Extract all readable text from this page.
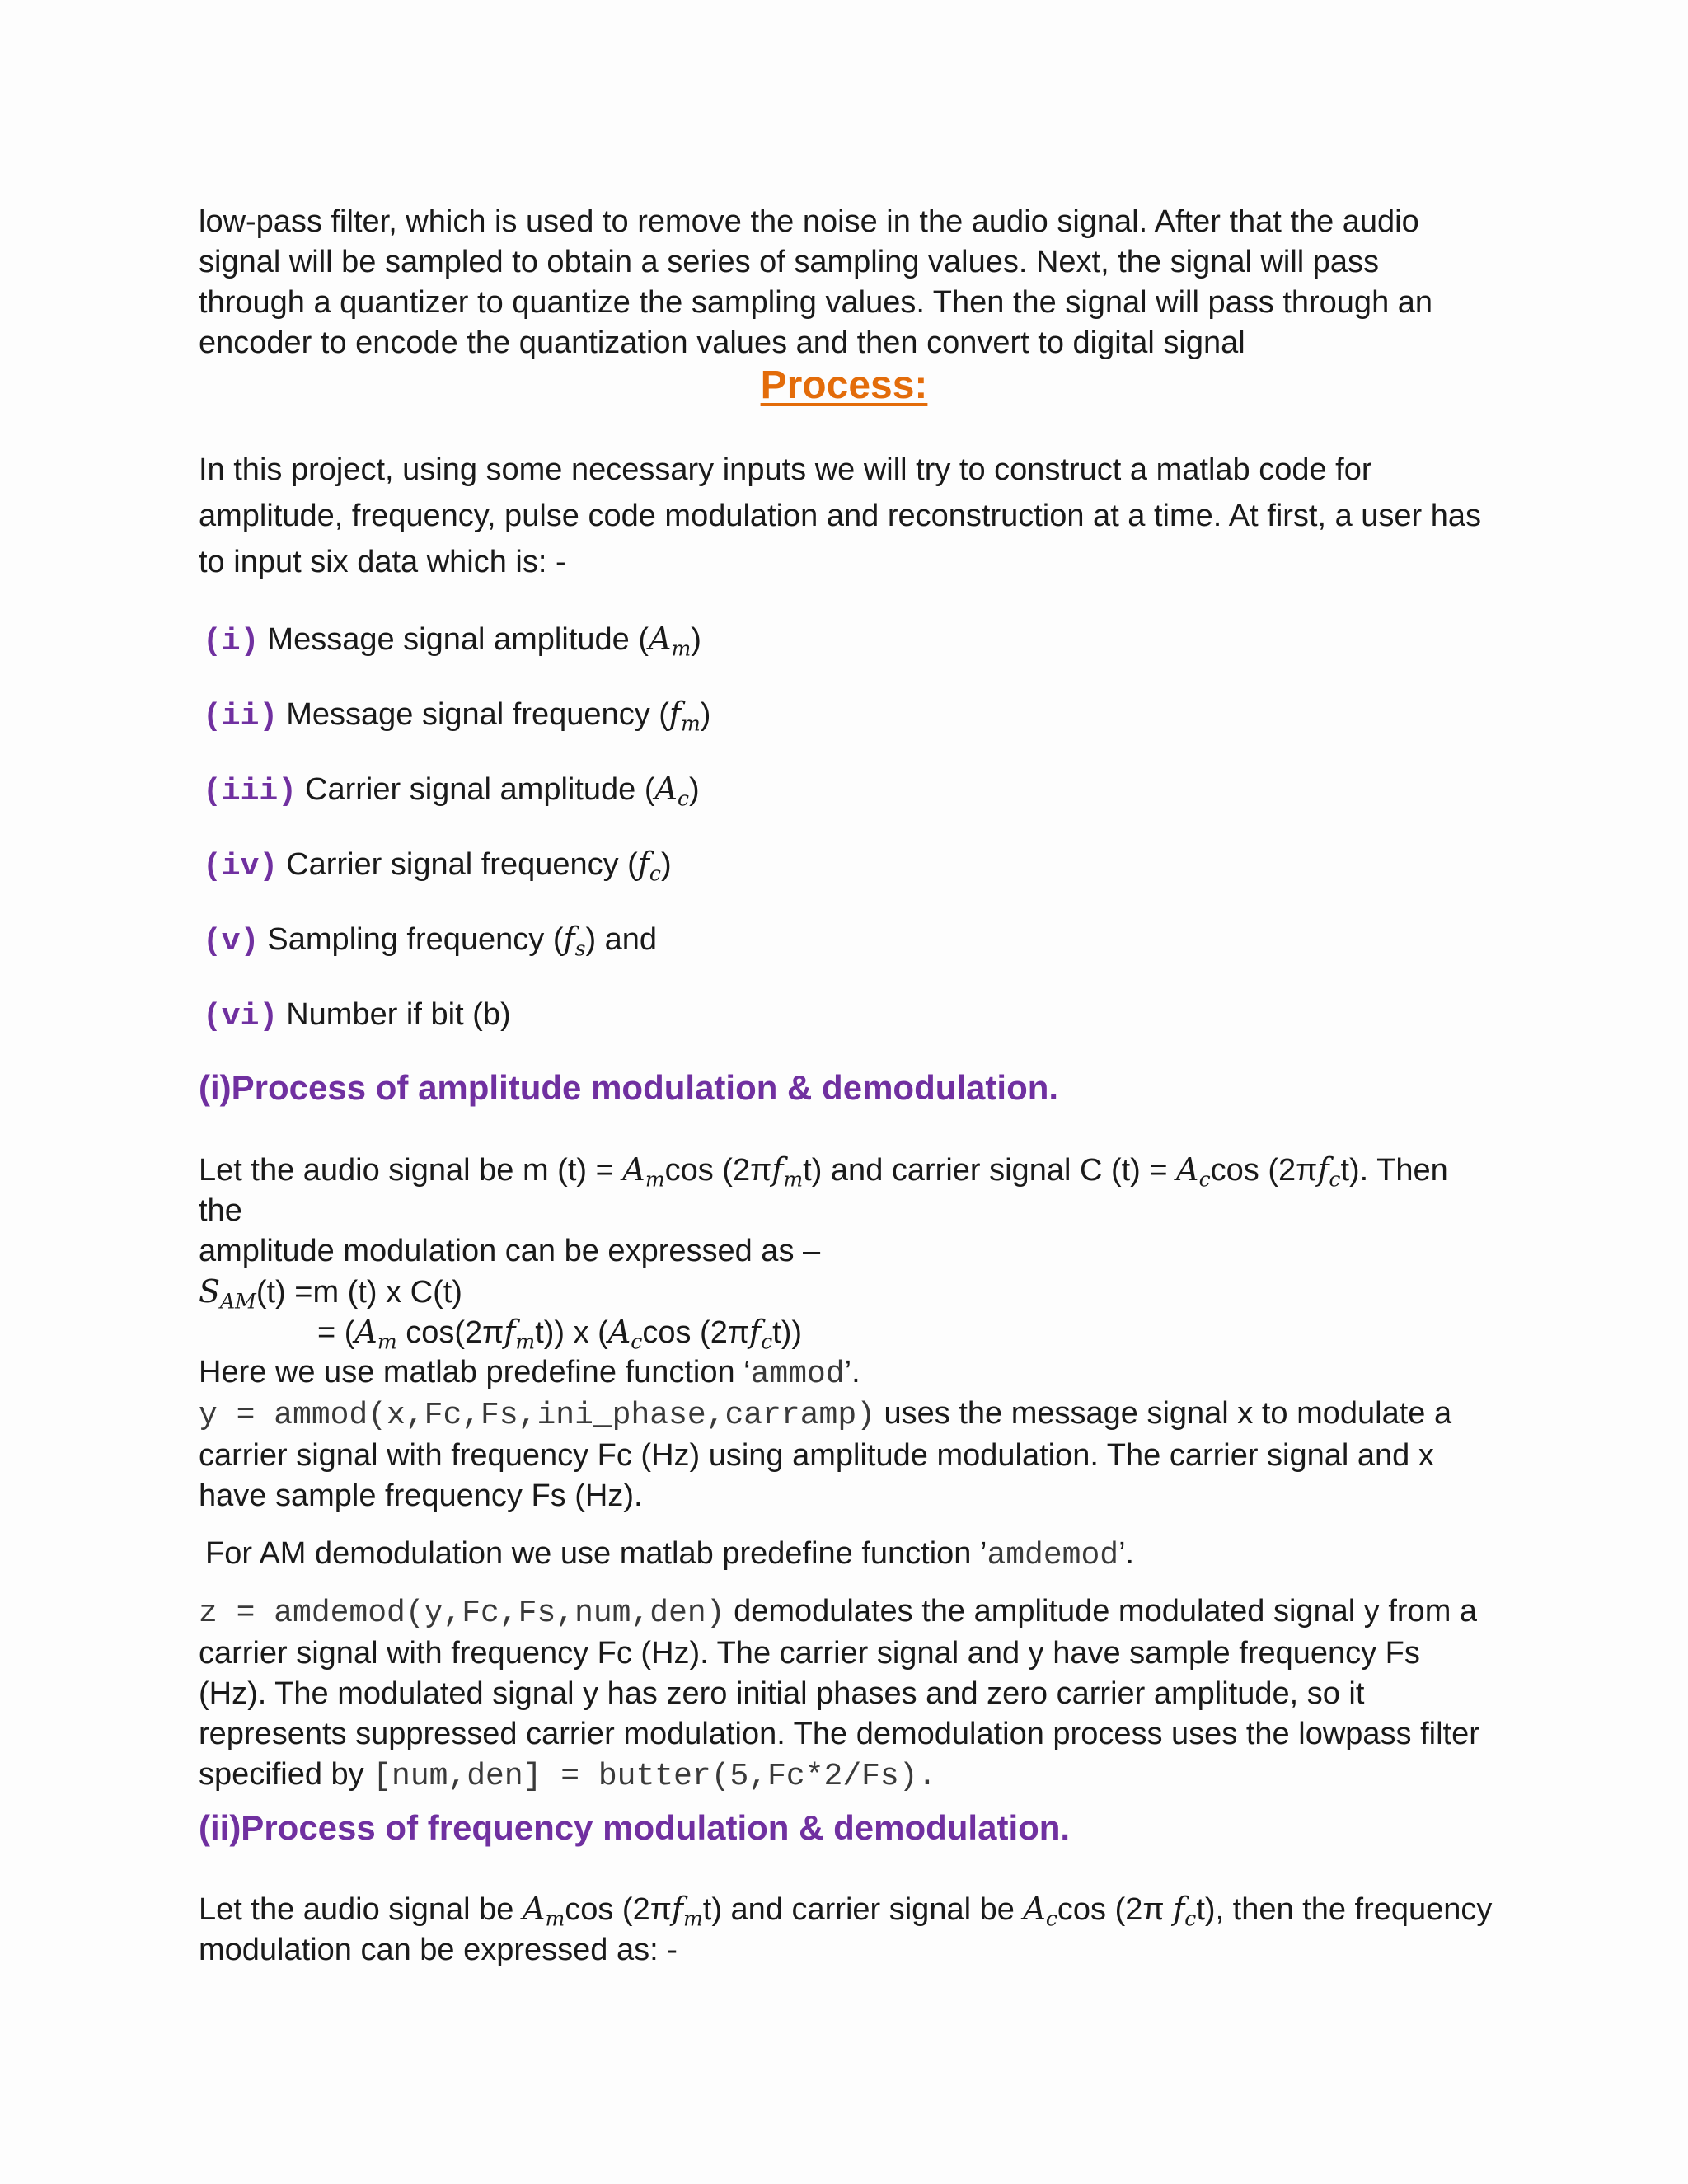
low-pass filter, which is used to remove the noise in the audio signal. After that the audio signal will be sampled to obtain a series of sampling values. Next, the signal will pass through a quantizer to quantize the sampling values. Then the signal will pass through an encoder to encode the quantization values and then convert to digital signal

Process:

In this project, using some necessary inputs we will try to construct a matlab code for amplitude, frequency, pulse code modulation and reconstruction at a time. At first, a user has to input six data which is: -

(i) Message signal amplitude $(A_m)$

(ii) Message signal frequency $(f_m)$

(iii) Carrier signal amplitude $(A_c)$

(iv) Carrier signal frequency $(f_c)$

(v) Sampling frequency $(f_s)$ and

(vi) Number if bit (b)

(i)Process of amplitude modulation & demodulation.

Let the audio signal be m $(t) = A_m\cos$ $(2\pi f_mt)$ and carrier signal C $(t) = A_c\cos$ $(2\pi f_ct)$. Then the
amplitude modulation can be expressed as –

$S_{AM}(t) =m$ (t) x C(t)

= ($A_m$ $\cos(2\pi f_mt)$) x ($A_c\cos$ $(2\pi f_ct)$)

Here we use matlab predefine function ‘ammod’.

y = ammod(x,Fc,Fs,ini_phase,carramp) uses the message signal x to modulate a carrier signal with frequency Fc (Hz) using amplitude modulation. The carrier signal and x have sample frequency Fs (Hz).

For AM demodulation we use matlab predefine function ’amdemod’.

z = amdemod(y,Fc,Fs,num,den) demodulates the amplitude modulated signal y from a carrier signal with frequency Fc (Hz). The carrier signal and y have sample frequency Fs (Hz). The modulated signal y has zero initial phases and zero carrier amplitude, so it represents suppressed carrier modulation. The demodulation process uses the lowpass filter specified by [num,den] = butter(5,Fc*2/Fs).

(ii)Process of frequency modulation & demodulation.

Let the audio signal be $A_m\cos$ $(2\pi f_mt)$ and carrier signal be $A_c\cos$ (2π $f_ct$), then the frequency modulation can be expressed as: -
